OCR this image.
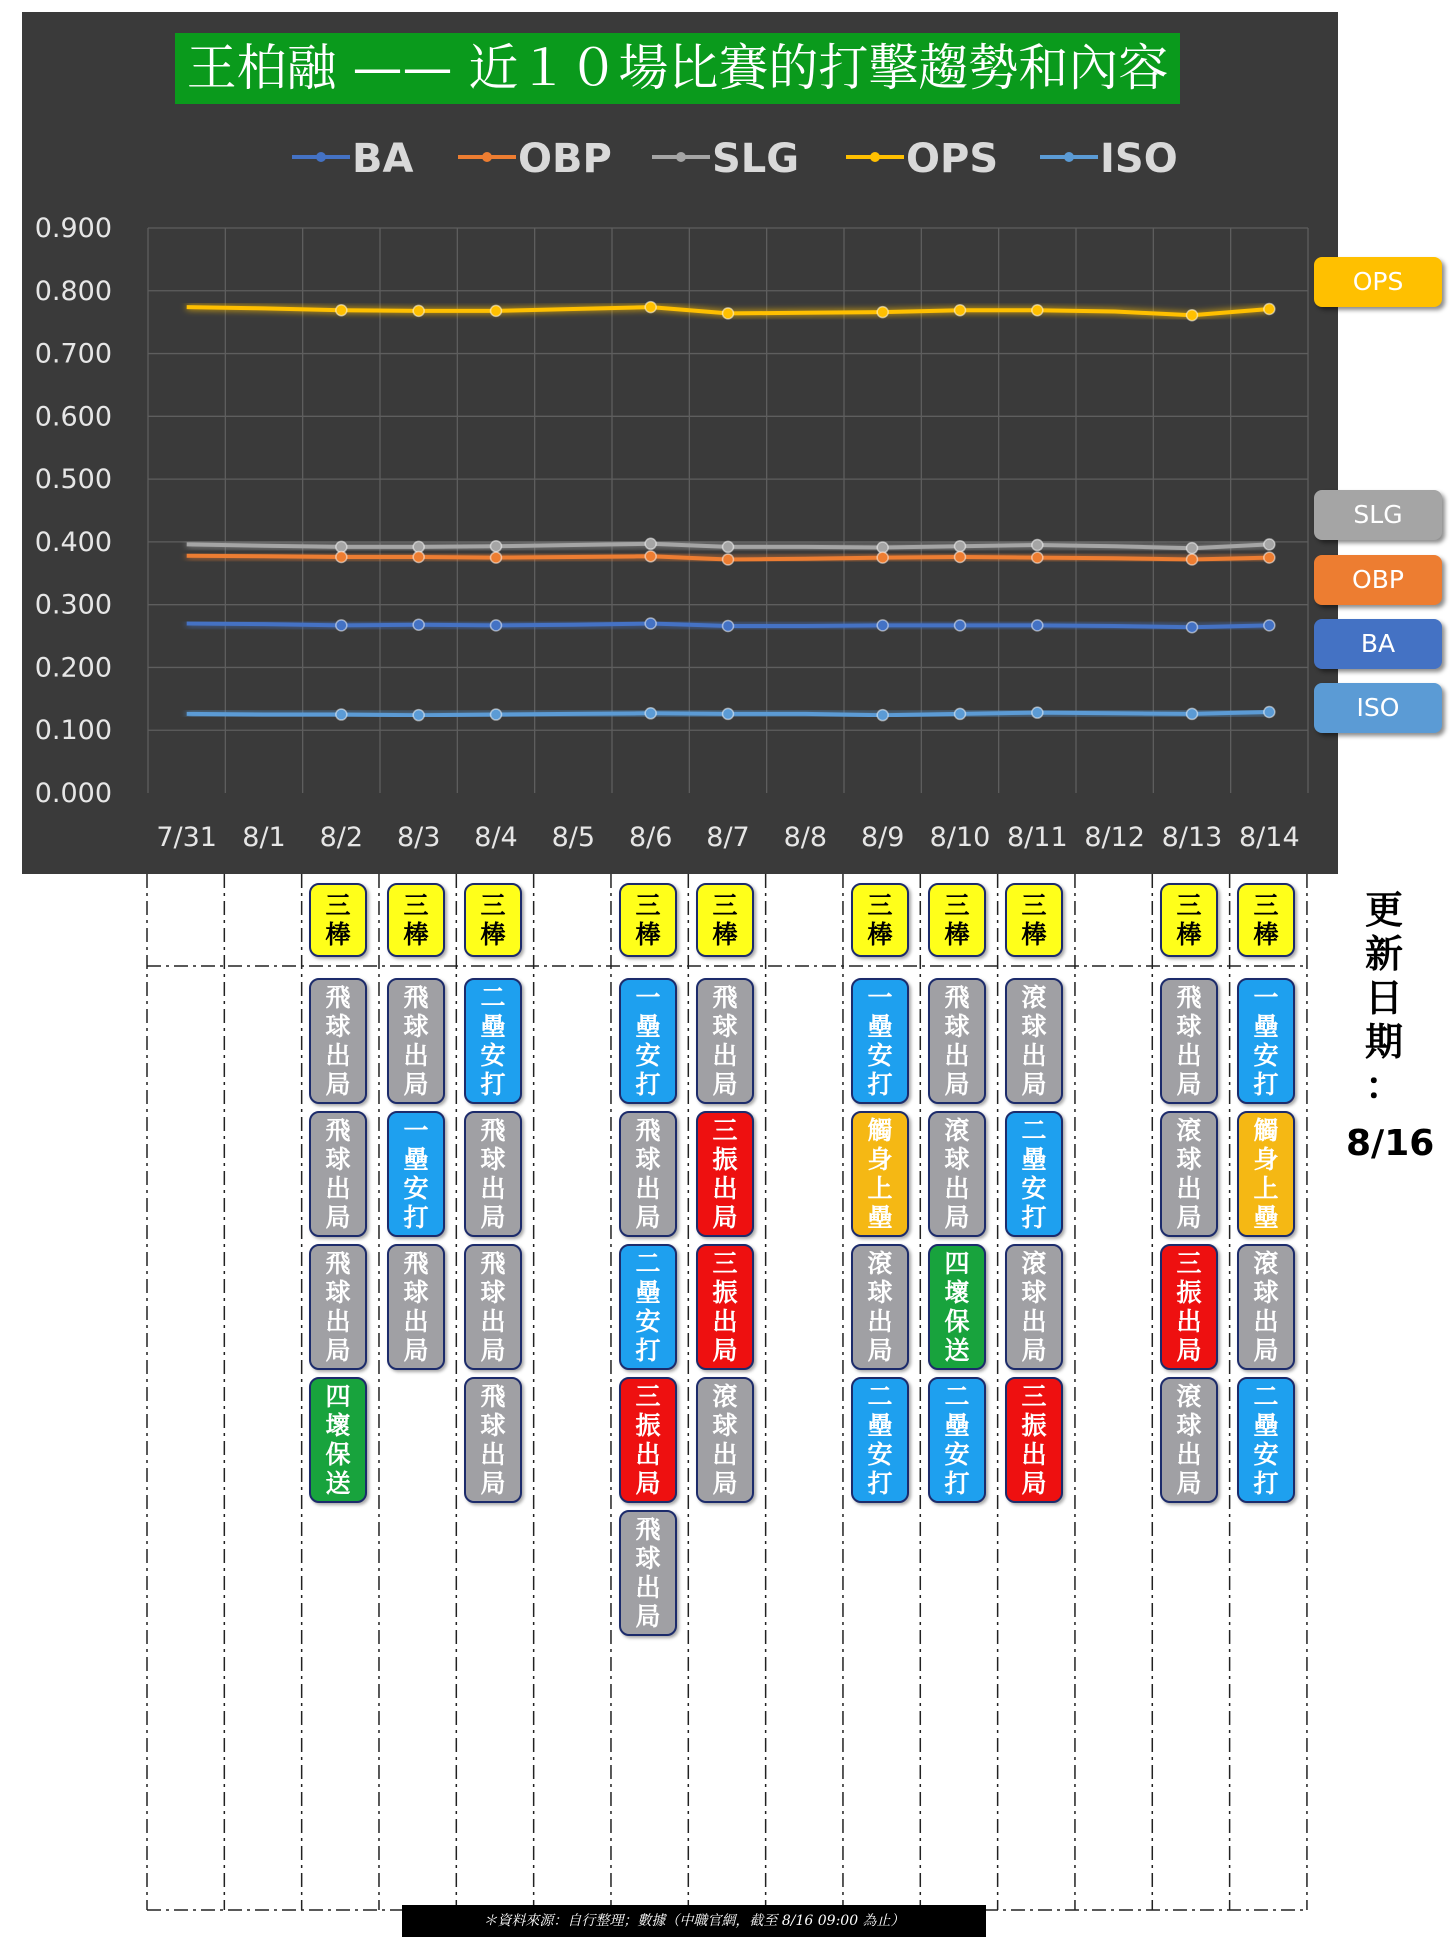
0.000
0.100
0.200
0.300
0.400
0.500
0.600
0.700
0.800
0.900
7/31 8/1 8/2 8/3 8/4 8/5 8/6 8/7 8/8 8/9 8/10 8/11 8/12 8/13 8/14
BA	OBP	SLG	OPS	ISO
王柏融 —— 近１０場比賽的打擊趨勢和內容
OPS
SLG
OBP
BA
ISO
三
棒
飛
球
出
局
飛
球
出
局
飛
球
出
局
四
壞
保
送
三
棒
飛
球
出
局
一
壘
安
打
飛
球
出
局
三
棒
二
壘
安
打
飛
球
出
局
飛
球
出
局
飛
球
出
局
三
棒
一
壘
安
打
飛
球
出
局
二
壘
安
打
三
振
出
局
飛
球
出
局
三
棒
飛
球
出
局
三
振
出
局
三
振
出
局
滾
球
出
局
三
棒
一
壘
安
打
觸
身
上
壘
滾
球
出
局
二
壘
安
打
三
棒
飛
球
出
局
滾
球
出
局
四
壞
保
送
二
壘
安
打
三
棒
滾
球
出
局
二
壘
安
打
滾
球
出
局
三
振
出
局
三
棒
飛
球
出
局
滾
球
出
局
三
振
出
局
滾
球
出
局
三
棒
一
壘
安
打
觸
身
上
壘
滾
球
出
局
二
壘
安
打
更
新
日
期
：
8/16
＊資料來源：自行整理；數據（中職官網，截至 8/16 09:00 為止）
